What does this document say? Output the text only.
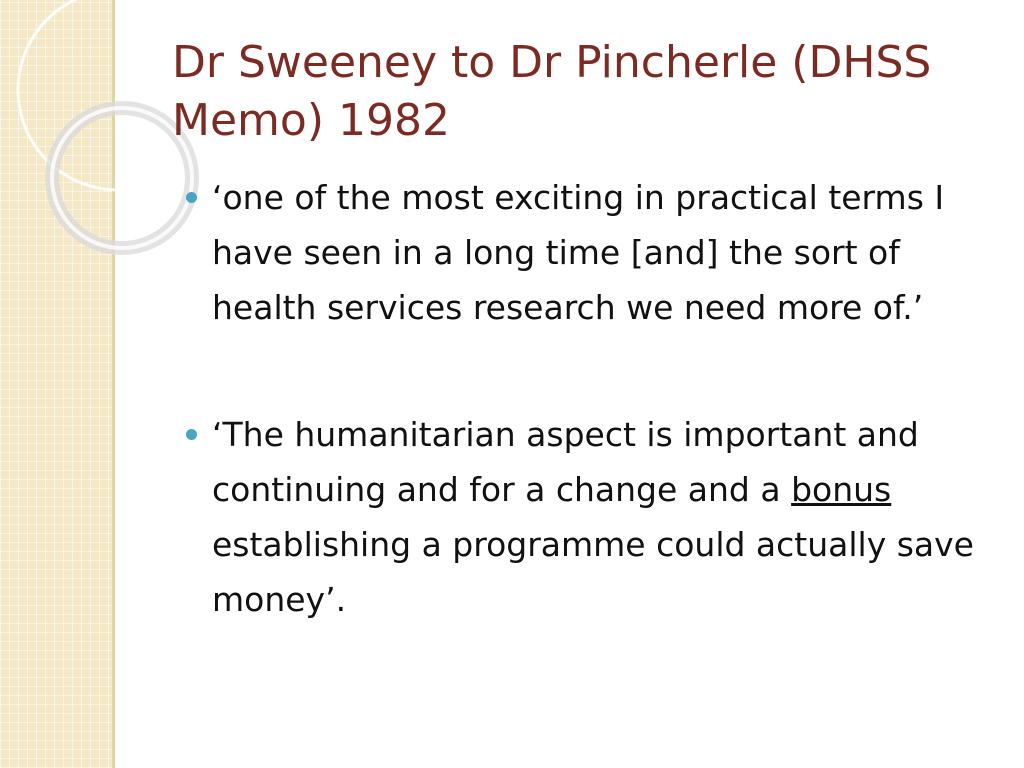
Dr Sweeney to Dr Pincherle (DHSS Memo) 1982
‘one of the most exciting in practical terms I have seen in a long time [and] the sort of health services research we need more of.’
‘The humanitarian aspect is important and continuing and for a change and a bonus establishing a programme could actually save money’.
